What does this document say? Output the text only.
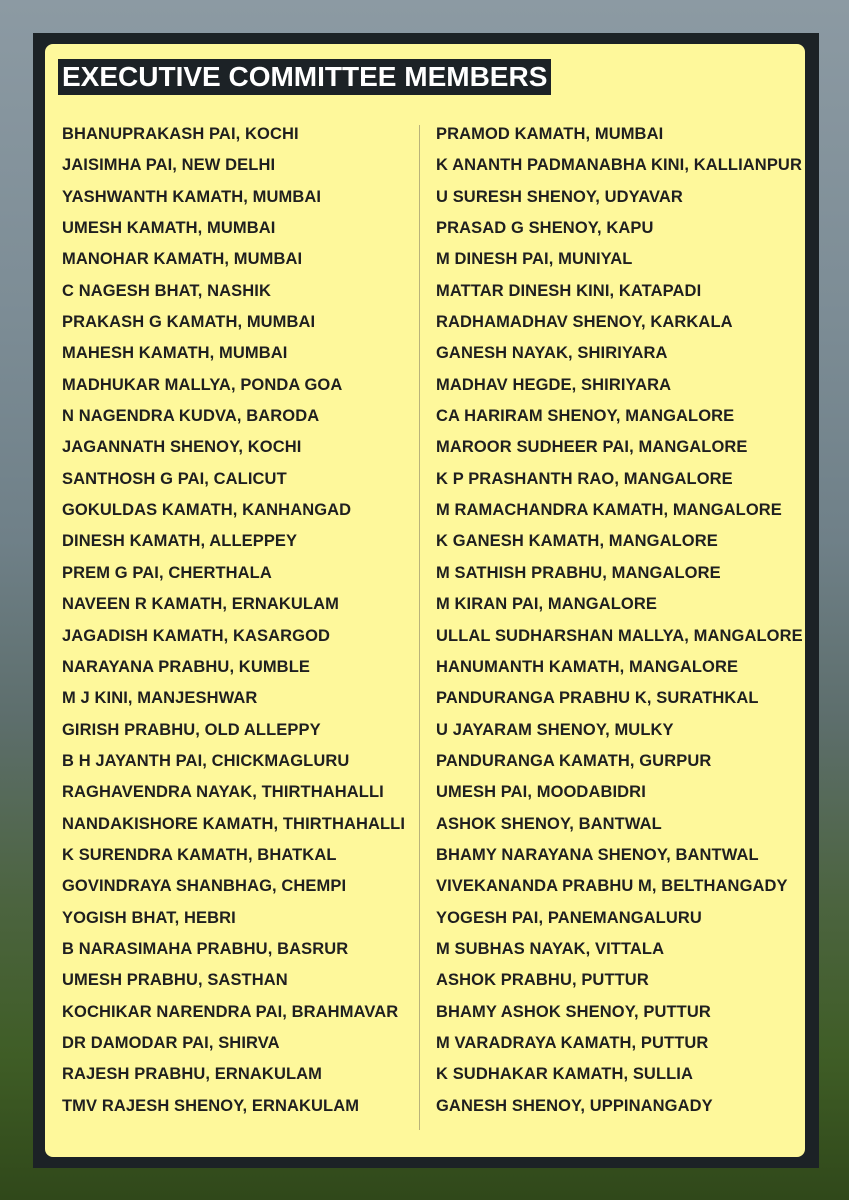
EXECUTIVE COMMITTEE MEMBERS
BHANUPRAKASH PAI, KOCHI
JAISIMHA PAI, NEW DELHI
YASHWANTH KAMATH, MUMBAI
UMESH KAMATH, MUMBAI
MANOHAR KAMATH, MUMBAI
C NAGESH BHAT, NASHIK
PRAKASH G KAMATH, MUMBAI
MAHESH KAMATH, MUMBAI
MADHUKAR MALLYA, PONDA GOA
N NAGENDRA KUDVA, BARODA
JAGANNATH SHENOY, KOCHI
SANTHOSH G PAI, CALICUT
GOKULDAS KAMATH, KANHANGAD
DINESH KAMATH, ALLEPPEY
PREM G PAI, CHERTHALA
NAVEEN R KAMATH, ERNAKULAM
JAGADISH KAMATH, KASARGOD
NARAYANA PRABHU, KUMBLE
M J KINI, MANJESHWAR
GIRISH PRABHU, OLD ALLEPPY
B H JAYANTH PAI, CHICKMAGLURU
RAGHAVENDRA NAYAK, THIRTHAHALLI
NANDAKISHORE KAMATH, THIRTHAHALLI
K SURENDRA KAMATH, BHATKAL
GOVINDRAYA SHANBHAG, CHEMPI
YOGISH BHAT, HEBRI
B NARASIMAHA PRABHU, BASRUR
UMESH PRABHU, SASTHAN
KOCHIKAR NARENDRA PAI, BRAHMAVAR
DR DAMODAR PAI, SHIRVA
RAJESH PRABHU, ERNAKULAM
TMV RAJESH SHENOY, ERNAKULAM
PRAMOD KAMATH, MUMBAI
K ANANTH PADMANABHA KINI, KALLIANPUR
U SURESH SHENOY, UDYAVAR
PRASAD G SHENOY, KAPU
M DINESH PAI, MUNIYAL
MATTAR DINESH KINI, KATAPADI
RADHAMADHAV SHENOY, KARKALA
GANESH NAYAK, SHIRIYARA
MADHAV HEGDE, SHIRIYARA
CA HARIRAM SHENOY, MANGALORE
MAROOR SUDHEER PAI, MANGALORE
K P PRASHANTH RAO, MANGALORE
M RAMACHANDRA KAMATH, MANGALORE
K GANESH KAMATH, MANGALORE
M SATHISH PRABHU, MANGALORE
M KIRAN PAI, MANGALORE
ULLAL SUDHARSHAN MALLYA, MANGALORE
HANUMANTH KAMATH, MANGALORE
PANDURANGA PRABHU K, SURATHKAL
U JAYARAM SHENOY, MULKY
PANDURANGA KAMATH, GURPUR
UMESH PAI, MOODABIDRI
ASHOK SHENOY, BANTWAL
BHAMY NARAYANA SHENOY, BANTWAL
VIVEKANANDA PRABHU M, BELTHANGADY
YOGESH PAI, PANEMANGALURU
M SUBHAS NAYAK, VITTALA
ASHOK PRABHU, PUTTUR
BHAMY ASHOK SHENOY, PUTTUR
M VARADRAYA KAMATH, PUTTUR
K SUDHAKAR KAMATH, SULLIA
GANESH SHENOY, UPPINANGADY
